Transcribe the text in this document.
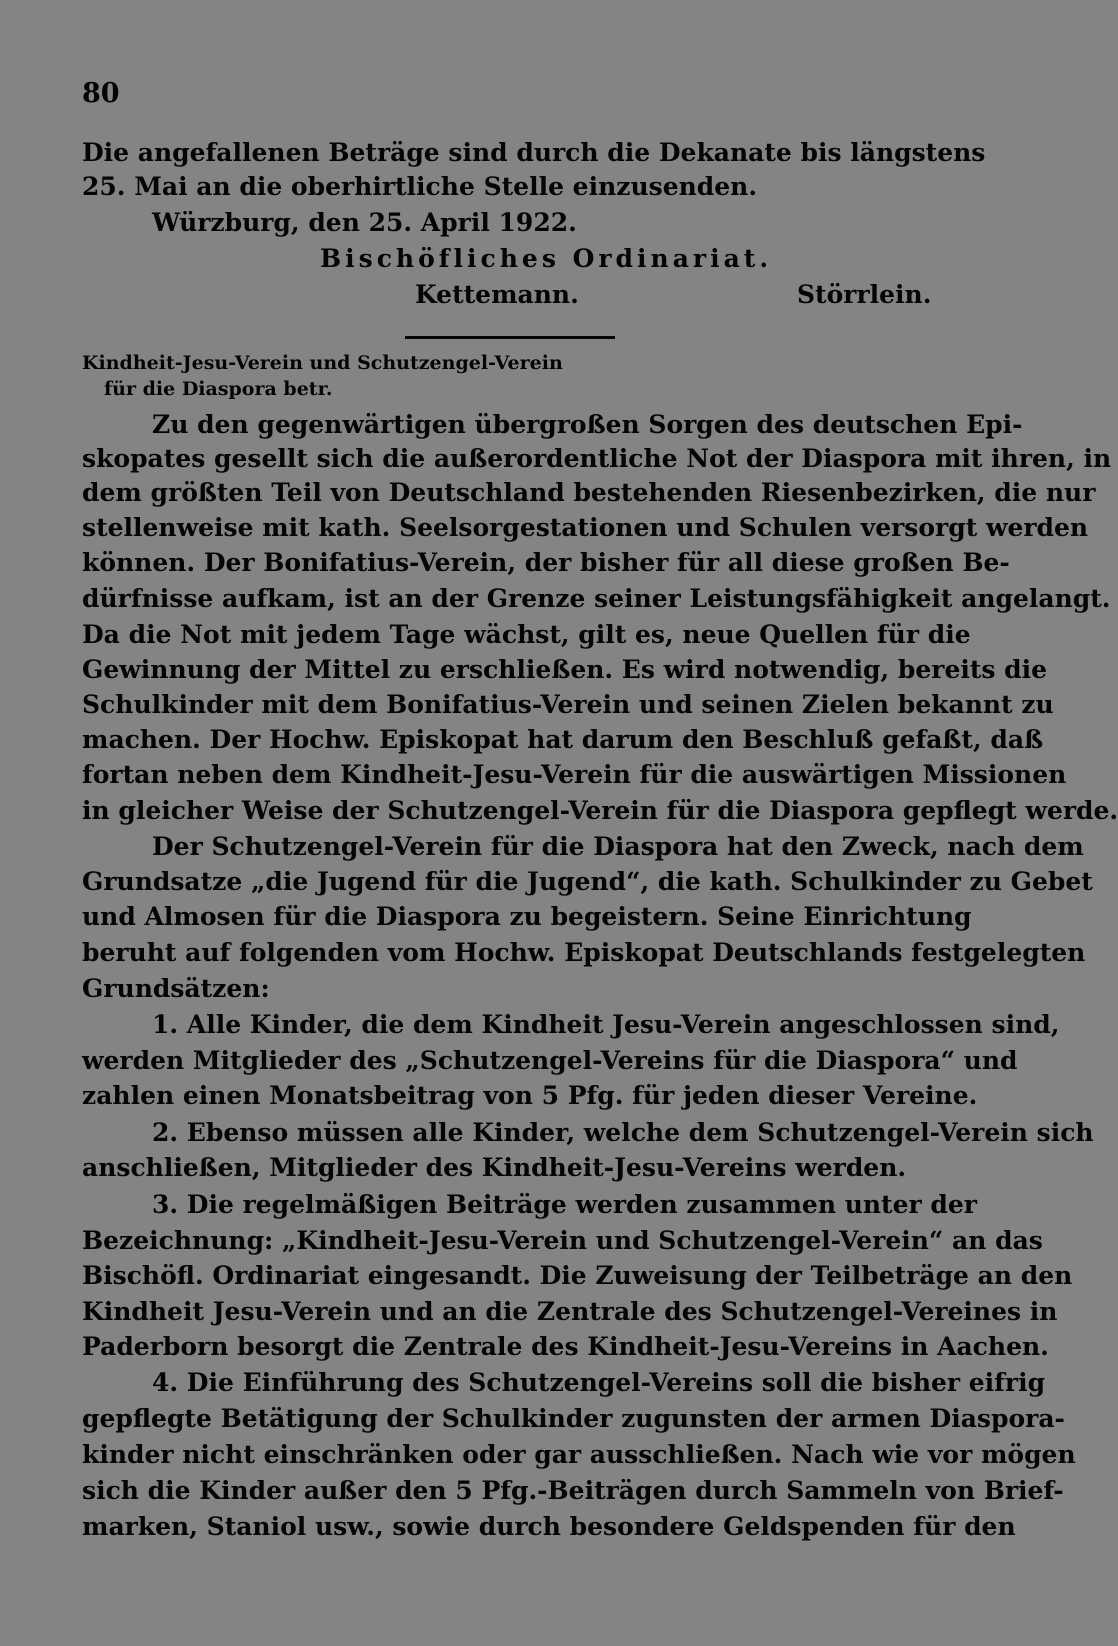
80
Die angefallenen Beträge sind durch die Dekanate bis längstens
25. Mai an die oberhirtliche Stelle einzusenden.
Würzburg, den 25. April 1922.
Bischöfliches Ordinariat.
Kettemann.	Störrlein.
Kindheit-Jesu-Verein und Schutzengel-Verein
für die Diaspora betr.
Zu den gegenwärtigen übergroßen Sorgen des deutschen Epi-
skopates gesellt sich die außerordentliche Not der Diaspora mit ihren, in
dem größten Teil von Deutschland bestehenden Riesenbezirken, die nur
stellenweise mit kath. Seelsorgestationen und Schulen versorgt werden
können. Der Bonifatius-Verein, der bisher für all diese großen Be-
dürfnisse aufkam, ist an der Grenze seiner Leistungsfähigkeit angelangt.
Da die Not mit jedem Tage wächst, gilt es, neue Quellen für die
Gewinnung der Mittel zu erschließen. Es wird notwendig, bereits die
Schulkinder mit dem Bonifatius-Verein und seinen Zielen bekannt zu
machen. Der Hochw. Episkopat hat darum den Beschluß gefaßt, daß
fortan neben dem Kindheit-Jesu-Verein für die auswärtigen Missionen
in gleicher Weise der Schutzengel-Verein für die Diaspora gepflegt werde.
Der Schutzengel-Verein für die Diaspora hat den Zweck, nach dem
Grundsatze „die Jugend für die Jugend“, die kath. Schulkinder zu Gebet
und Almosen für die Diaspora zu begeistern. Seine Einrichtung
beruht auf folgenden vom Hochw. Episkopat Deutschlands festgelegten
Grundsätzen:
1. Alle Kinder, die dem Kindheit Jesu-Verein angeschlossen sind,
werden Mitglieder des „Schutzengel-Vereins für die Diaspora“ und
zahlen einen Monatsbeitrag von 5 Pfg. für jeden dieser Vereine.
2. Ebenso müssen alle Kinder, welche dem Schutzengel-Verein sich
anschließen, Mitglieder des Kindheit-Jesu-Vereins werden.
3. Die regelmäßigen Beiträge werden zusammen unter der
Bezeichnung: „Kindheit-Jesu-Verein und Schutzengel-Verein“ an das
Bischöfl. Ordinariat eingesandt. Die Zuweisung der Teilbeträge an den
Kindheit Jesu-Verein und an die Zentrale des Schutzengel-Vereines in
Paderborn besorgt die Zentrale des Kindheit-Jesu-Vereins in Aachen.
4. Die Einführung des Schutzengel-Vereins soll die bisher eifrig
gepflegte Betätigung der Schulkinder zugunsten der armen Diaspora-
kinder nicht einschränken oder gar ausschließen. Nach wie vor mögen
sich die Kinder außer den 5 Pfg.-Beiträgen durch Sammeln von Brief-
marken, Staniol usw., sowie durch besondere Geldspenden für den
